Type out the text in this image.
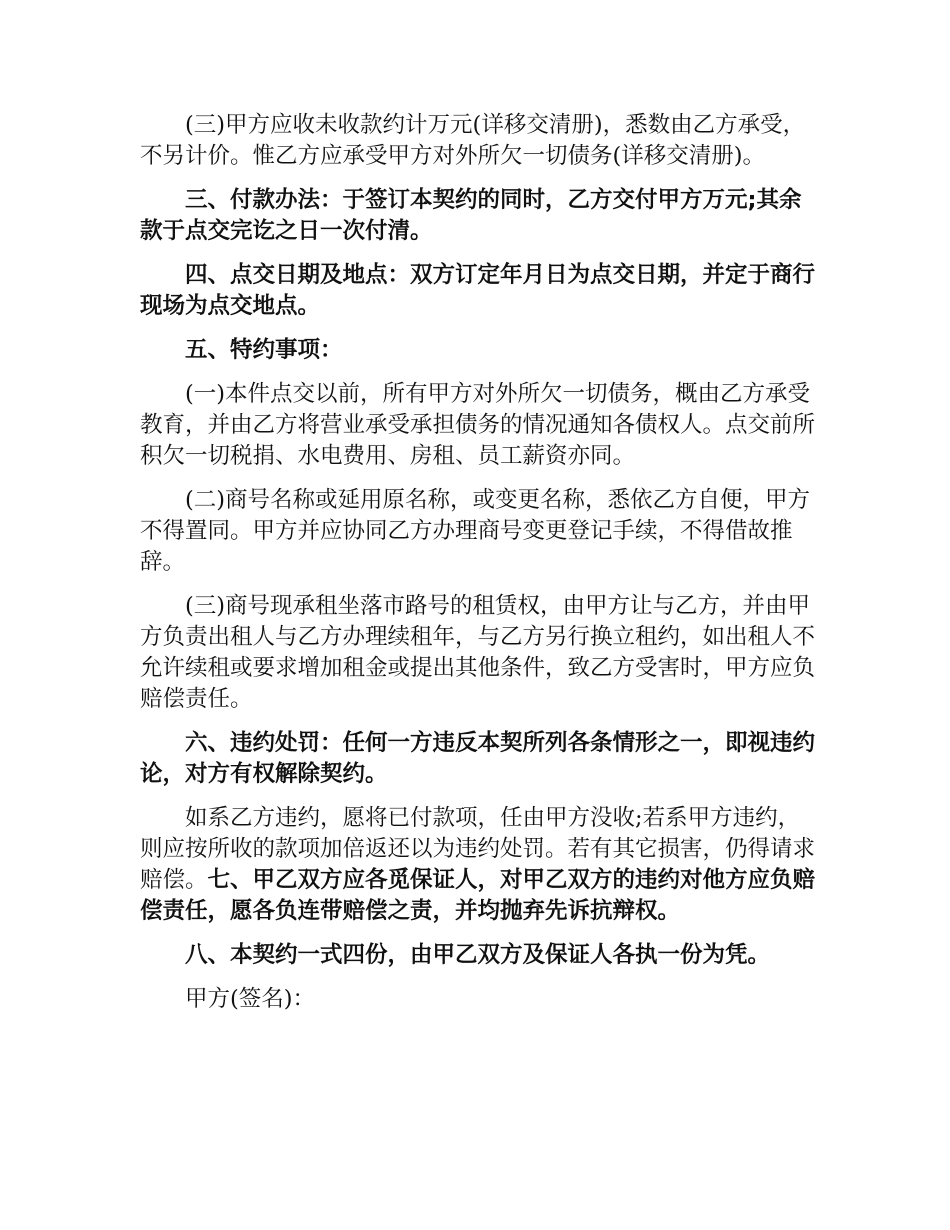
(三)甲方应收未收款约计万元(详移交清册)，悉数由乙方承受，不另计价。惟乙方应承受甲方对外所欠一切债务(详移交清册)。

三、付款办法：于签订本契约的同时，乙方交付甲方万元;其余款于点交完讫之日一次付清。

四、点交日期及地点：双方订定年月日为点交日期，并定于商行现场为点交地点。

五、特约事项：

(一)本件点交以前，所有甲方对外所欠一切债务，概由乙方承受教育，并由乙方将营业承受承担债务的情况通知各债权人。点交前所积欠一切税捐、水电费用、房租、员工薪资亦同。

(二)商号名称或延用原名称，或变更名称，悉依乙方自便，甲方不得置同。甲方并应协同乙方办理商号变更登记手续，不得借故推辞。

(三)商号现承租坐落市路号的租赁权，由甲方让与乙方，并由甲方负责出租人与乙方办理续租年，与乙方另行换立租约，如出租人不允许续租或要求增加租金或提出其他条件，致乙方受害时，甲方应负赔偿责任。

六、违约处罚：任何一方违反本契所列各条情形之一，即视违约论，对方有权解除契约。

如系乙方违约，愿将已付款项，任由甲方没收;若系甲方违约，则应按所收的款项加倍返还以为违约处罚。若有其它损害，仍得请求赔偿。七、甲乙双方应各觅保证人，对甲乙双方的违约对他方应负赔偿责任，愿各负连带赔偿之责，并均抛弃先诉抗辩权。

八、本契约一式四份，由甲乙双方及保证人各执一份为凭。

甲方(签名)：
